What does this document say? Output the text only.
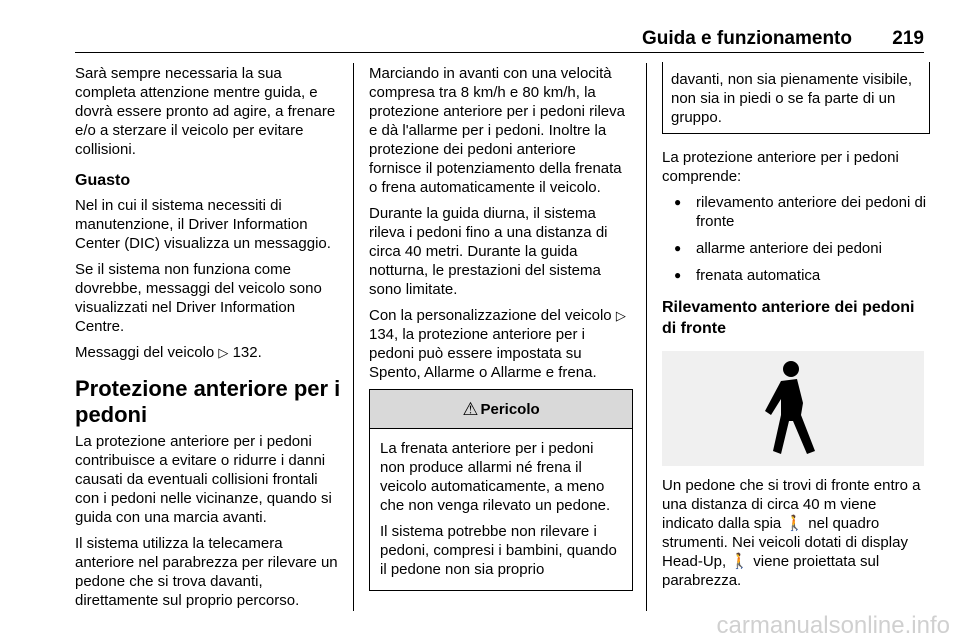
Guida e funzionamento 219

Sarà sempre necessaria la sua completa attenzione mentre guida, e dovrà essere pronto ad agire, a frenare e/o a sterzare il veicolo per evitare collisioni.

Guasto

Nel in cui il sistema necessiti di manutenzione, il Driver Information Center (DIC) visualizza un messaggio.

Se il sistema non funziona come dovrebbe, messaggi del veicolo sono visualizzati nel Driver Information Centre.

Messaggi del veicolo ▷ 132.

Protezione anteriore per i pedoni

La protezione anteriore per i pedoni contribuisce a evitare o ridurre i danni causati da eventuali collisioni frontali con i pedoni nelle vicinanze, quando si guida con una marcia avanti.

Il sistema utilizza la telecamera anteriore nel parabrezza per rilevare un pedone che si trova davanti, direttamente sul proprio percorso.

Marciando in avanti con una velocità compresa tra 8 km/h e 80 km/h, la protezione anteriore per i pedoni rileva e dà l'allarme per i pedoni. Inoltre la protezione dei pedoni anteriore fornisce il potenziamento della frenata o frena automaticamente il veicolo.

Durante la guida diurna, il sistema rileva i pedoni fino a una distanza di circa 40 metri. Durante la guida notturna, le prestazioni del sistema sono limitate.

Con la personalizzazione del veicolo ▷ 134, la protezione anteriore per i pedoni può essere impostata su Spento, Allarme o Allarme e frena.

⚠ Pericolo

La frenata anteriore per i pedoni non produce allarmi né frena il veicolo automaticamente, a meno che non venga rilevato un pedone.

Il sistema potrebbe non rilevare i pedoni, compresi i bambini, quando il pedone non sia proprio

davanti, non sia pienamente visibile, non sia in piedi o se fa parte di un gruppo.

La protezione anteriore per i pedoni comprende:

● rilevamento anteriore dei pedoni di fronte
● allarme anteriore dei pedoni
● frenata automatica
Rilevamento anteriore dei pedoni di fronte

Un pedone che si trovi di fronte entro a una distanza di circa 40 m viene indicato dalla spia 🚶 nel quadro strumenti. Nei veicoli dotati di display Head-Up, 🚶 viene proiettata sul parabrezza.

carmanualsonline.info
